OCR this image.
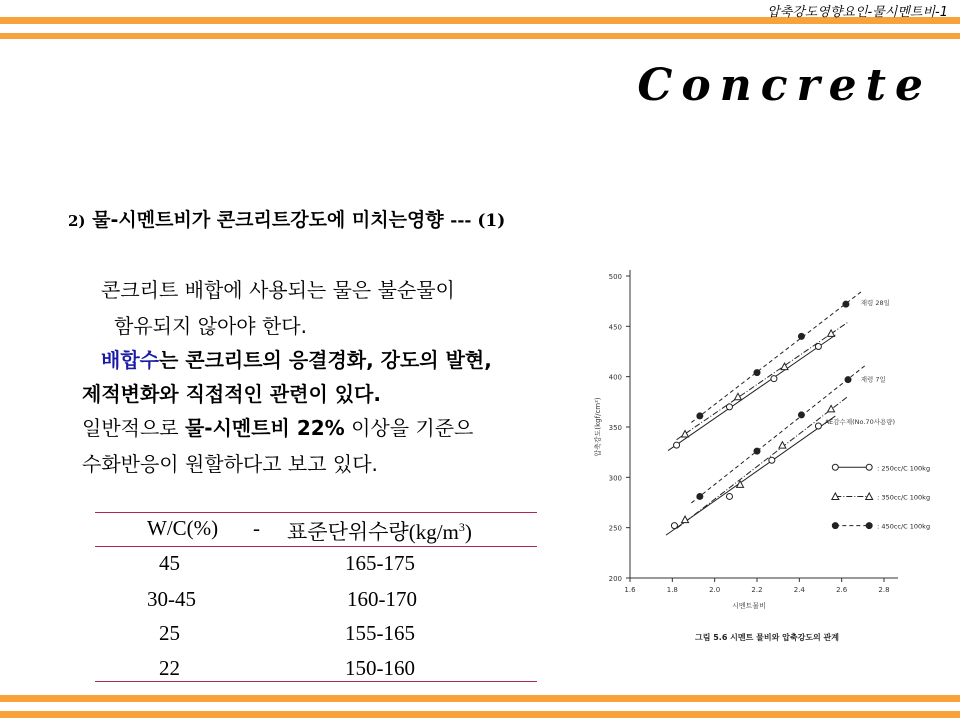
압축강도영향요인-물시멘트비-1
Concrete
2) 물-시멘트비가 콘크리트강도에 미치는영향 --- (1)
콘크리트 배합에 사용되는 물은 불순물이
함유되지 않아야 한다.
배합수는 콘크리트의 응결경화, 강도의 발현,
제적변화와 직접적인 관련이 있다.
일반적으로 물-시멘트비 22% 이상을 기준으
수화반응이 원할하다고 보고 있다.
W/C(%) - 표준단위수량$(kg/m^3)$
45	165-175
30-45	160-170
25	155-165
22	150-160
200
250
300
350
400
450
500
1.6	1.8	2.0	2.2	2.4	2.6	2.8
시멘트물비
압축강도(kgf/cm²)
그림 5.6 시멘트 물비와 압축강도의 관계
재령 28일
재령 7일
AE감수제(No.70사용량)
: 250cc/C 100kg
: 350cc/C 100kg
: 450cc/C 100kg
